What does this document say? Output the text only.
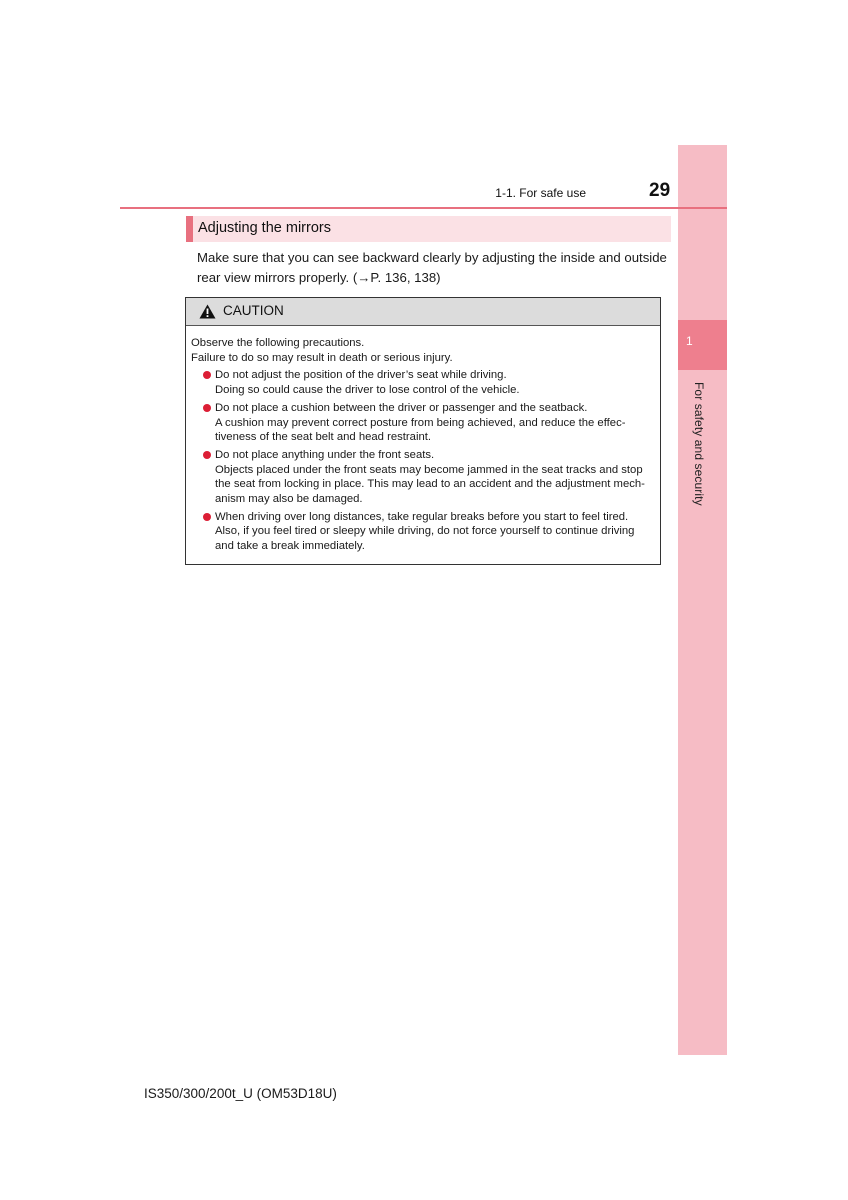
1
For safety and security
1-1. For safe use	29
Adjusting the mirrors
Make sure that you can see backward clearly by adjusting the inside and outside
rear view mirrors properly. (→P. 136, 138)
CAUTION

Observe the following precautions.

Failure to do so may result in death or serious injury.

Do not adjust the position of the driver’s seat while driving.
Doing so could cause the driver to lose control of the vehicle.
Do not place a cushion between the driver or passenger and the seatback.
A cushion may prevent correct posture from being achieved, and reduce the effec-
tiveness of the seat belt and head restraint.
Do not place anything under the front seats.
Objects placed under the front seats may become jammed in the seat tracks and stop
the seat from locking in place. This may lead to an accident and the adjustment mech-
anism may also be damaged.
When driving over long distances, take regular breaks before you start to feel tired.
Also, if you feel tired or sleepy while driving, do not force yourself to continue driving
and take a break immediately.
IS350/300/200t_U (OM53D18U)
